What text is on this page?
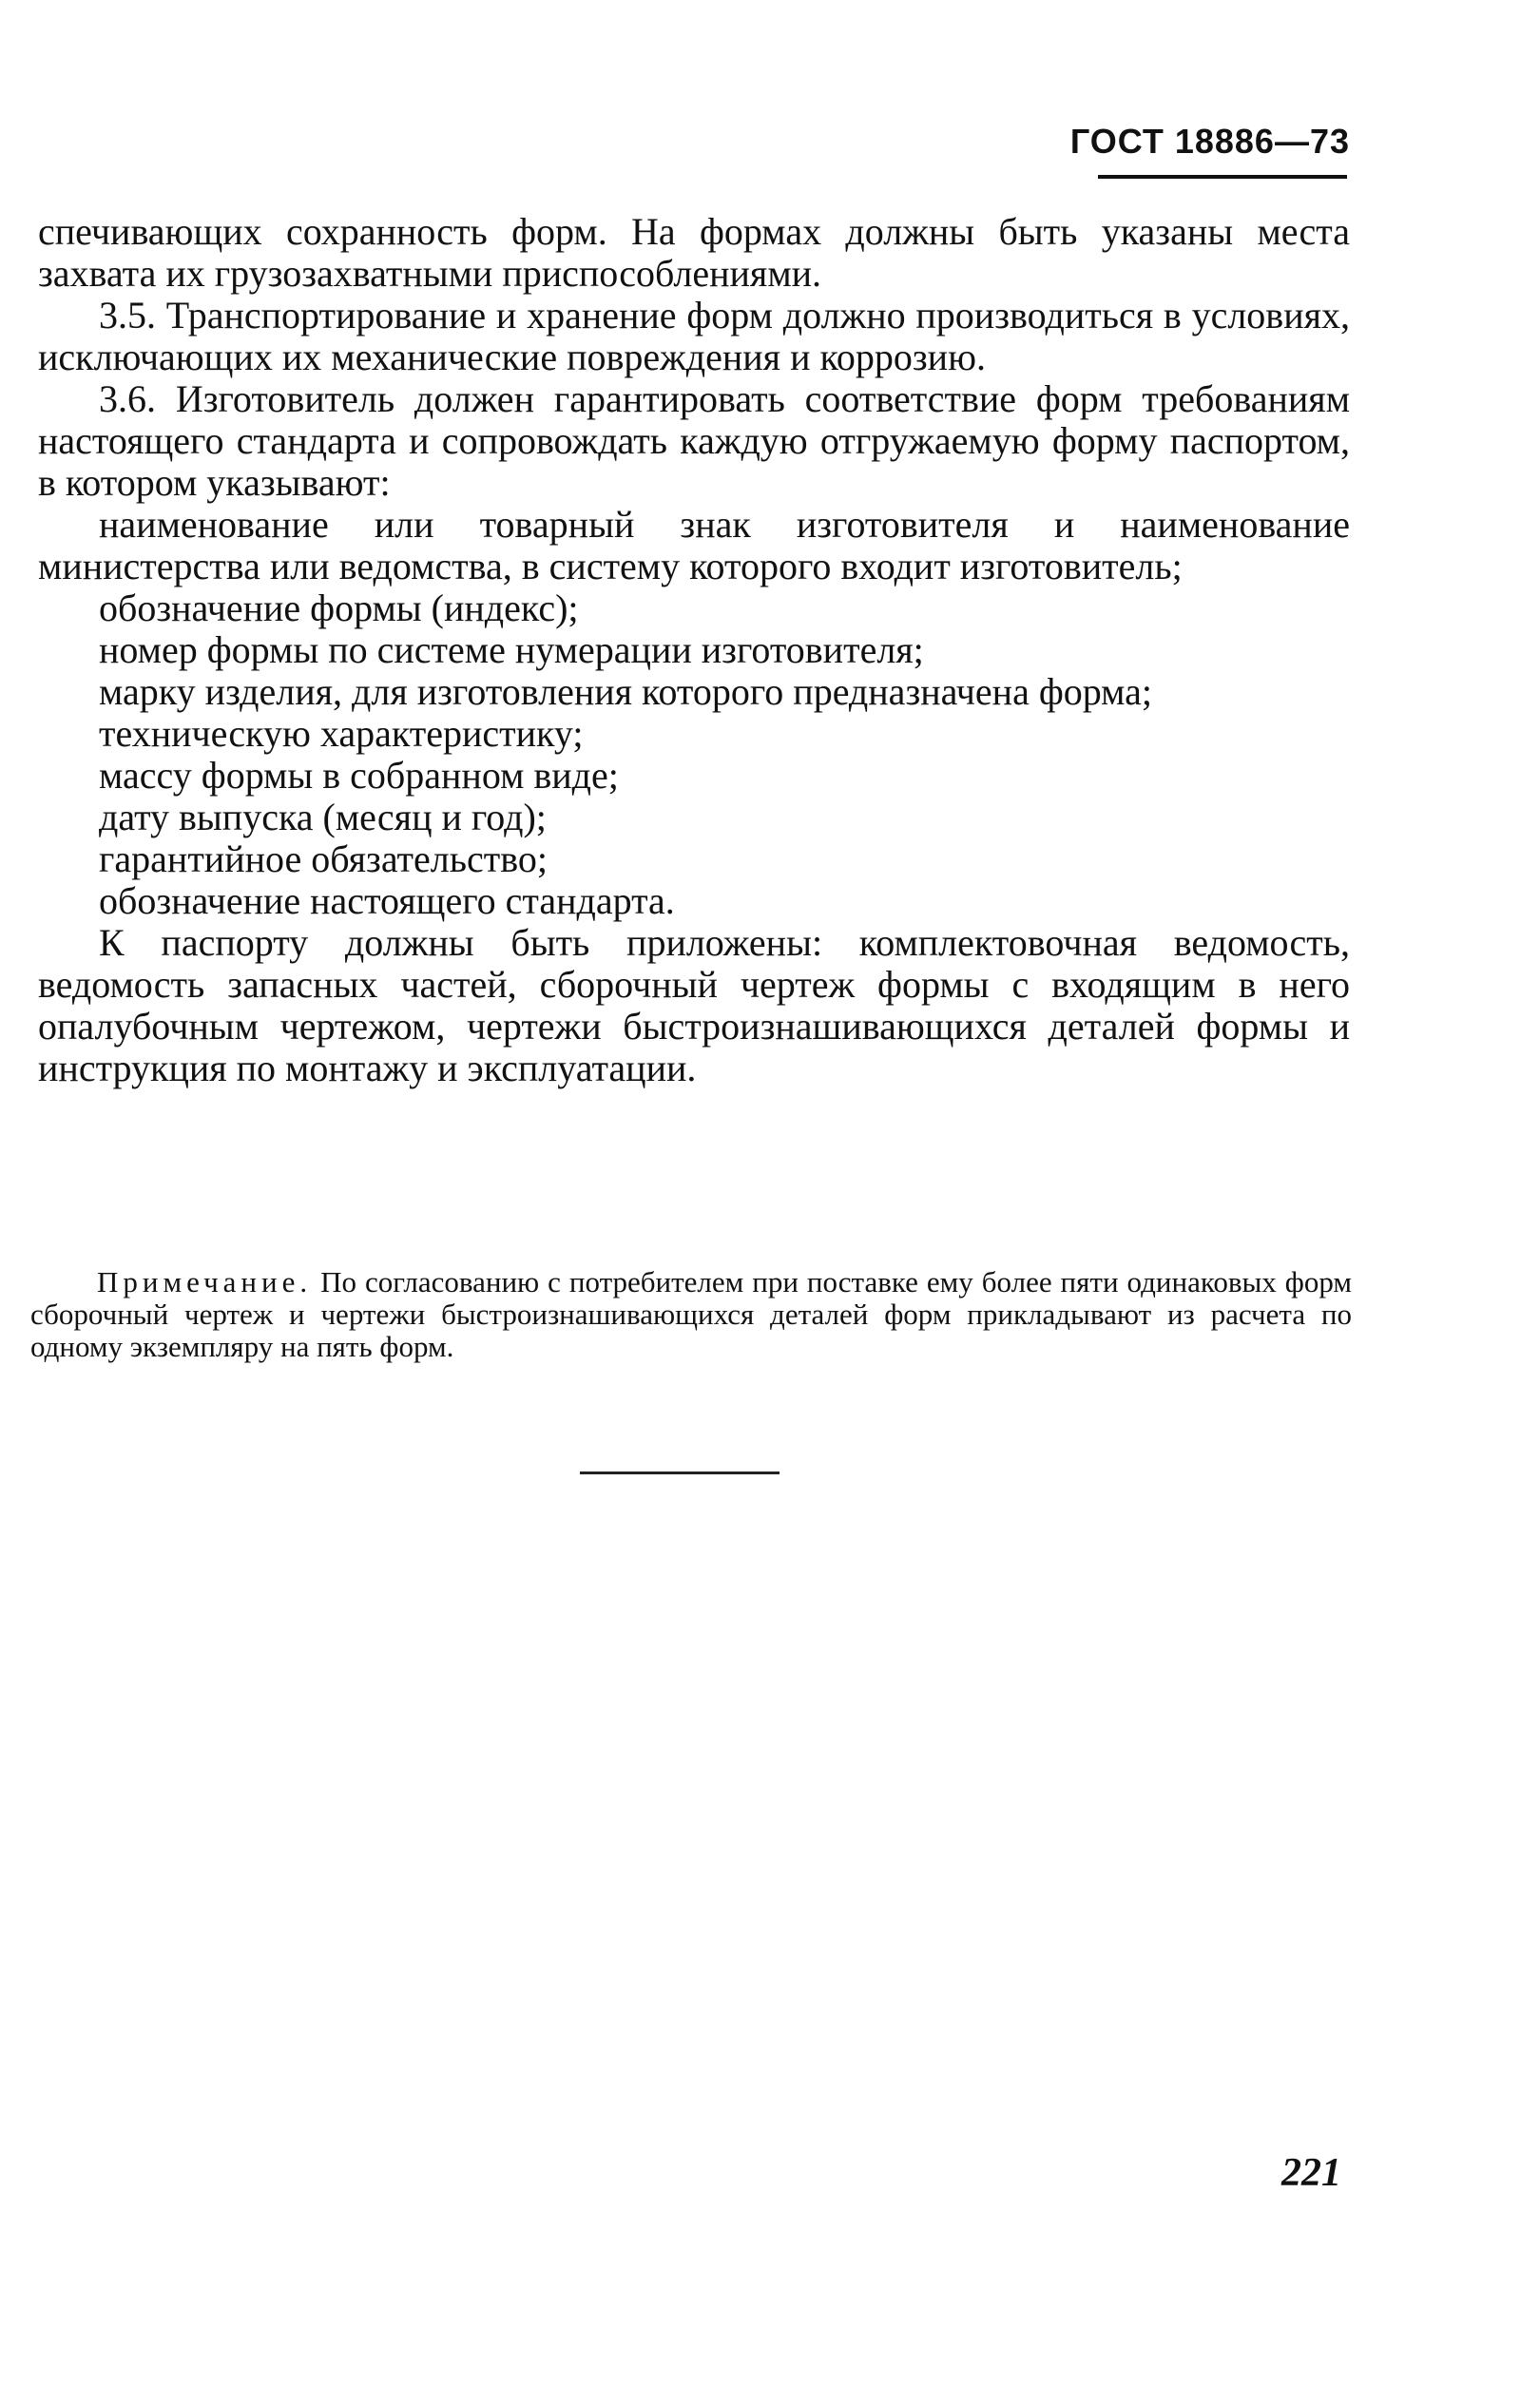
ГОСТ 18886—73

спечивающих сохранность форм. На формах должны быть указаны места захвата их грузозахватными приспособлениями.

3.5. Транспортирование и хранение форм должно производиться в условиях, исключающих их механические повреждения и коррозию.

3.6. Изготовитель должен гарантировать соответствие форм требованиям настоящего стандарта и сопровождать каждую отгружаемую форму паспортом, в котором указывают:

наименование или товарный знак изготовителя и наименование министерства или ведомства, в систему которого входит изготовитель;

обозначение формы (индекс);

номер формы по системе нумерации изготовителя;

марку изделия, для изготовления которого предназначена форма;

техническую характеристику;

массу формы в собранном виде;

дату выпуска (месяц и год);

гарантийное обязательство;

обозначение настоящего стандарта.

К паспорту должны быть приложены: комплектовочная ведомость, ведомость запасных частей, сборочный чертеж формы с входящим в него опалубочным чертежом, чертежи быстроизнашивающихся деталей формы и инструкция по монтажу и эксплуатации.

Примечание. По согласованию с потребителем при поставке ему более пяти одинаковых форм сборочный чертеж и чертежи быстроизнашивающихся деталей форм прикладывают из расчета по одному экземпляру на пять форм.
221
